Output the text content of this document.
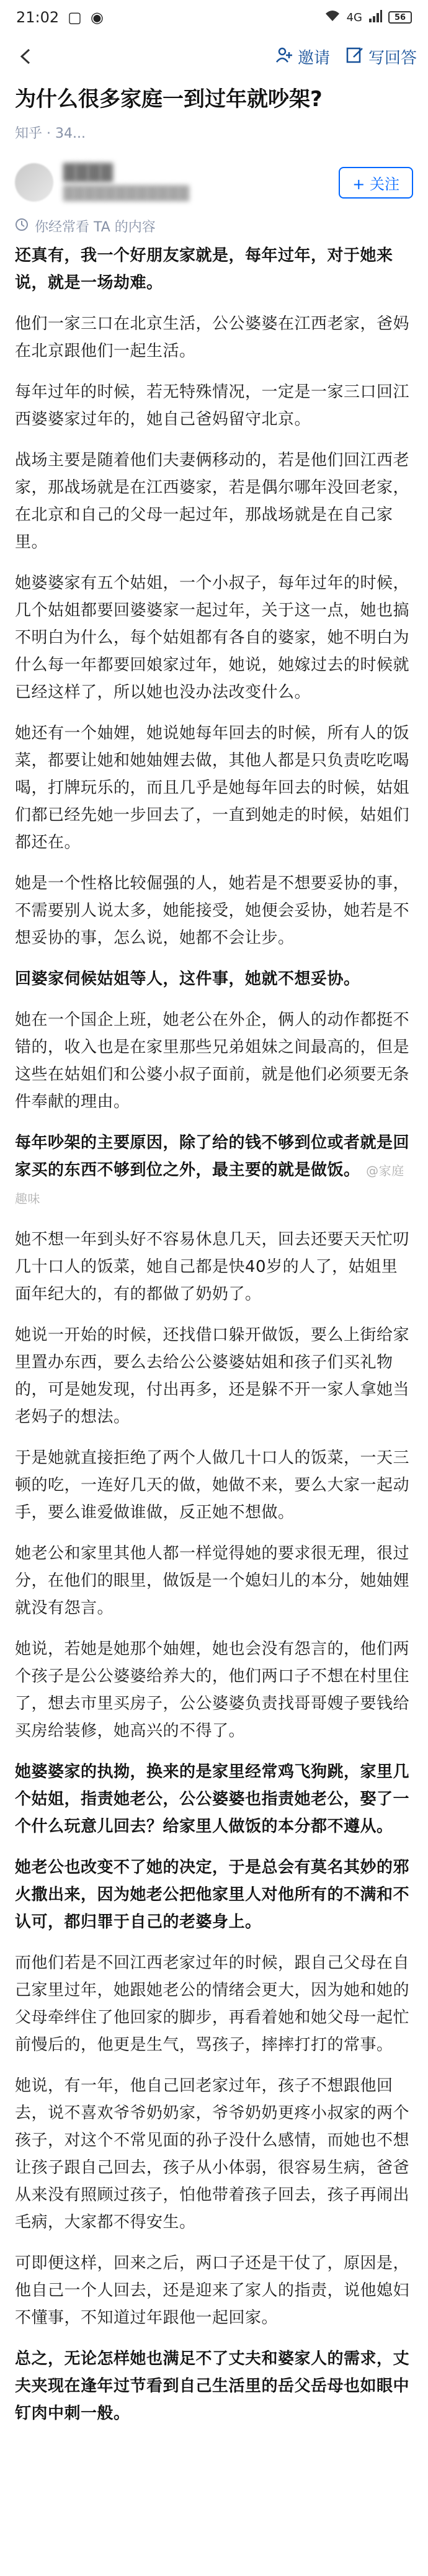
21:02 ▢ ◉	4G	56
邀请 写回答
为什么很多家庭一到过年就吵架?
知乎 · 34...
████
████████████
+ 关注
你经常看 TA 的内容

还真有，我一个好朋友家就是，每年过年，对于她来说，就是一场劫难。

他们一家三口在北京生活，公公婆婆在江西老家，爸妈在北京跟他们一起生活。

每年过年的时候，若无特殊情况，一定是一家三口回江西婆婆家过年的，她自己爸妈留守北京。

战场主要是随着他们夫妻俩移动的，若是他们回江西老家，那战场就是在江西婆家，若是偶尔哪年没回老家，在北京和自己的父母一起过年，那战场就是在自己家里。

她婆婆家有五个姑姐，一个小叔子，每年过年的时候，几个姑姐都要回婆婆家一起过年，关于这一点，她也搞不明白为什么，每个姑姐都有各自的婆家，她不明白为什么每一年都要回娘家过年，她说，她嫁过去的时候就已经这样了，所以她也没办法改变什么。

她还有一个妯娌，她说她每年回去的时候，所有人的饭菜，都要让她和她妯娌去做，其他人都是只负责吃吃喝喝，打牌玩乐的，而且几乎是她每年回去的时候，姑姐们都已经先她一步回去了，一直到她走的时候，姑姐们都还在。

她是一个性格比较倔强的人，她若是不想要妥协的事，不需要别人说太多，她能接受，她便会妥协，她若是不想妥协的事，怎么说，她都不会让步。

回婆家伺候姑姐等人，这件事，她就不想妥协。

她在一个国企上班，她老公在外企，俩人的动作都挺不错的，收入也是在家里那些兄弟姐妹之间最高的，但是这些在姑姐们和公婆小叔子面前，就是他们必须要无条件奉献的理由。

每年吵架的主要原因，除了给的钱不够到位或者就是回家买的东西不够到位之外，最主要的就是做饭。 @家庭趣味

她不想一年到头好不容易休息几天，回去还要天天忙叨几十口人的饭菜，她自己都是快40岁的人了，姑姐里面年纪大的，有的都做了奶奶了。

她说一开始的时候，还找借口躲开做饭，要么上街给家里置办东西，要么去给公公婆婆姑姐和孩子们买礼物的，可是她发现，付出再多，还是躲不开一家人拿她当老妈子的想法。

于是她就直接拒绝了两个人做几十口人的饭菜，一天三顿的吃，一连好几天的做，她做不来，要么大家一起动手，要么谁爱做谁做，反正她不想做。

她老公和家里其他人都一样觉得她的要求很无理，很过分，在他们的眼里，做饭是一个媳妇儿的本分，她妯娌就没有怨言。

她说，若她是她那个妯娌，她也会没有怨言的，他们两个孩子是公公婆婆给养大的，他们两口子不想在村里住了，想去市里买房子，公公婆婆负责找哥哥嫂子要钱给买房给装修，她高兴的不得了。

她婆婆家的执拗，换来的是家里经常鸡飞狗跳，家里几个姑姐，指责她老公，公公婆婆也指责她老公，娶了一个什么玩意儿回去？给家里人做饭的本分都不遵从。

她老公也改变不了她的决定，于是总会有莫名其妙的邪火撒出来，因为她老公把他家里人对他所有的不满和不认可，都归罪于自己的老婆身上。

而他们若是不回江西老家过年的时候，跟自己父母在自己家里过年，她跟她老公的情绪会更大，因为她和她的父母牵绊住了他回家的脚步，再看着她和她父母一起忙前慢后的，他更是生气，骂孩子，摔摔打打的常事。

她说，有一年，他自己回老家过年，孩子不想跟他回去，说不喜欢爷爷奶奶家，爷爷奶奶更疼小叔家的两个孩子，对这个不常见面的孙子没什么感情，而她也不想让孩子跟自己回去，孩子从小体弱，很容易生病，爸爸从来没有照顾过孩子，怕他带着孩子回去，孩子再闹出毛病，大家都不得安生。

可即便这样，回来之后，两口子还是干仗了，原因是，他自己一个人回去，还是迎来了家人的指责，说他媳妇不懂事，不知道过年跟他一起回家。

总之，无论怎样她也满足不了丈夫和婆家人的需求，丈夫夹现在逢年过节看到自己生活里的岳父岳母也如眼中钉肉中刺一般。
